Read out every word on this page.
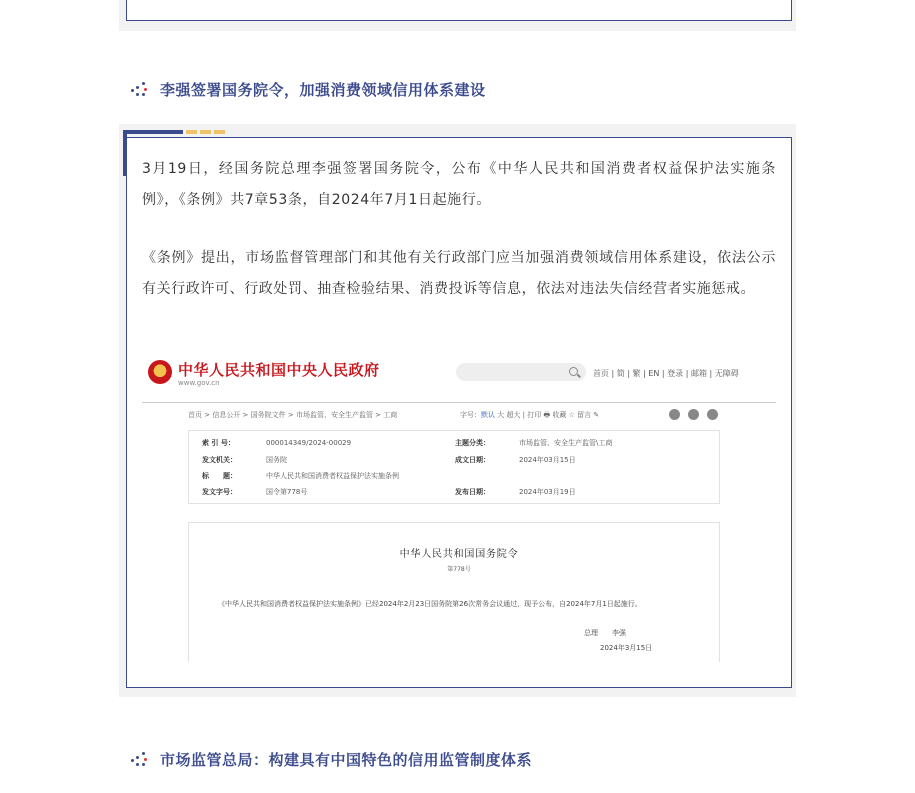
李强签署国务院令，加强消费领域信用体系建设
3月19日，经国务院总理李强签署国务院令，公布《中华人民共和国消费者权益保护法实施条例》，《条例》共7章53条，自2024年7月1日起施行。
《条例》提出，市场监督管理部门和其他有关行政部门应当加强消费领域信用体系建设，依法公示有关行政许可、行政处罚、抽查检验结果、消费投诉等信息，依法对违法失信经营者实施惩戒。
中华人民共和国中央人民政府
www.gov.cn
首页 | 简 | 繁 | EN | 登录 | 邮箱 | 无障碍
首页 > 信息公开 > 国务院文件 > 市场监管、安全生产监管 > 工商	字号：默认 大 超大 | 打印 🖶 收藏 ☆ 留言 ✎
索 引 号：	000014349/2024-00029	主题分类：	市场监管、安全生产监管\工商
发文机关：	国务院	成文日期：	2024年03月15日
标　　题：	中华人民共和国消费者权益保护法实施条例
发文字号：	国令第778号	发布日期：	2024年03月19日
中华人民共和国国务院令
第778号
《中华人民共和国消费者权益保护法实施条例》已经2024年2月23日国务院第26次常务会议通过，现予公布，自2024年7月1日起施行。
总理　　李强
2024年3月15日
市场监管总局：构建具有中国特色的信用监管制度体系
